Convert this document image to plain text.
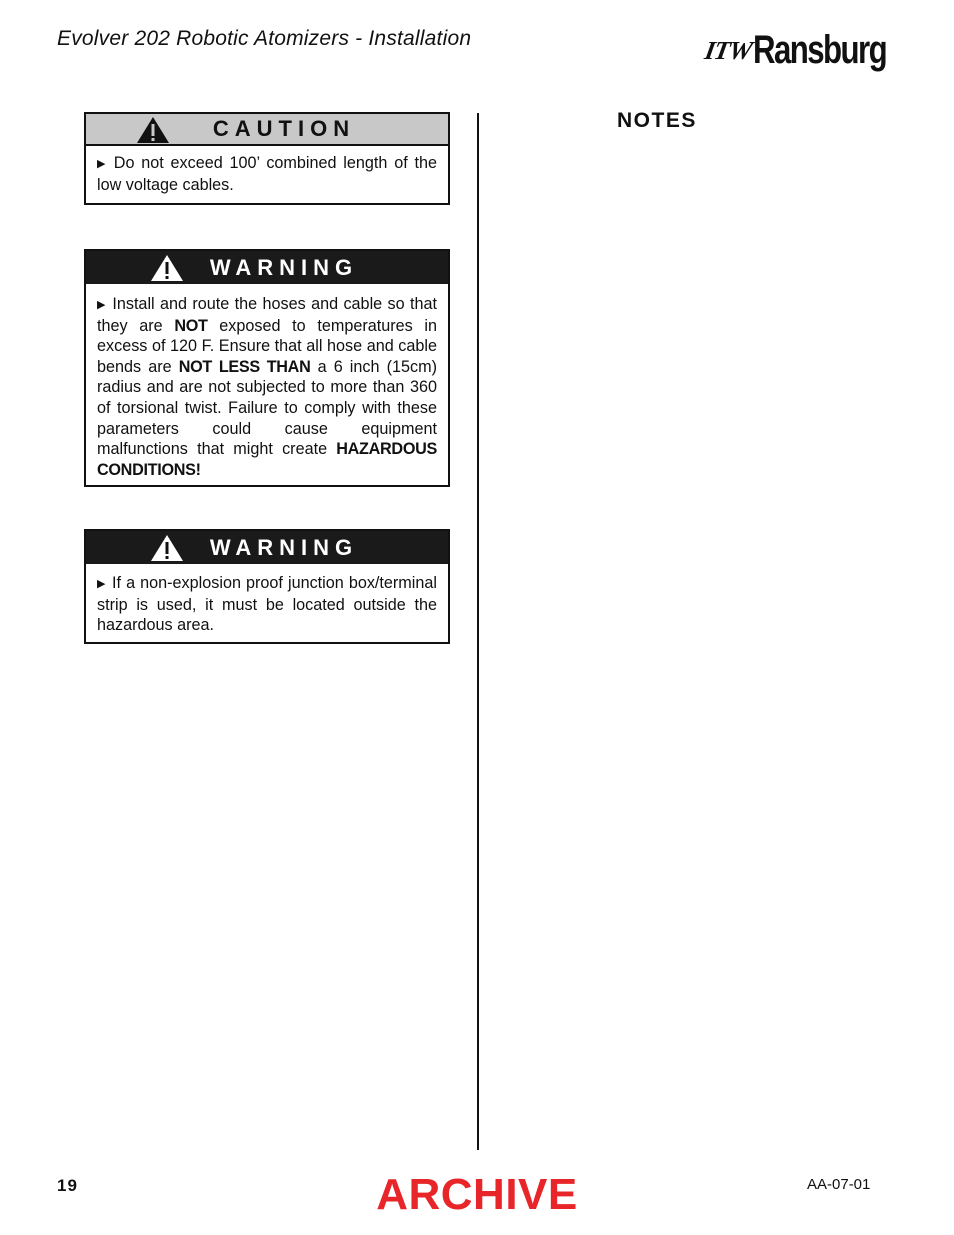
Evolver 202 Robotic Atomizers - Installation	ITW Ransburg
CAUTION
▶ Do not exceed 100’ combined length of the low voltage cables.
WARNING
▶ Install and route the hoses and cable so that they are NOT exposed to temperatures in excess of 120 F. Ensure that all hose and cable bends are NOT LESS THAN a 6 inch (15cm) radius and are not subjected to more than 360 of torsional twist. Failure to comply with these parameters could cause equipment malfunctions that might create HAZARDOUS CONDITIONS!
WARNING
▶ If a non-explosion proof junction box/terminal strip is used, it must be located outside the hazardous area.
NOTES
19	ARCHIVE	AA-07-01
